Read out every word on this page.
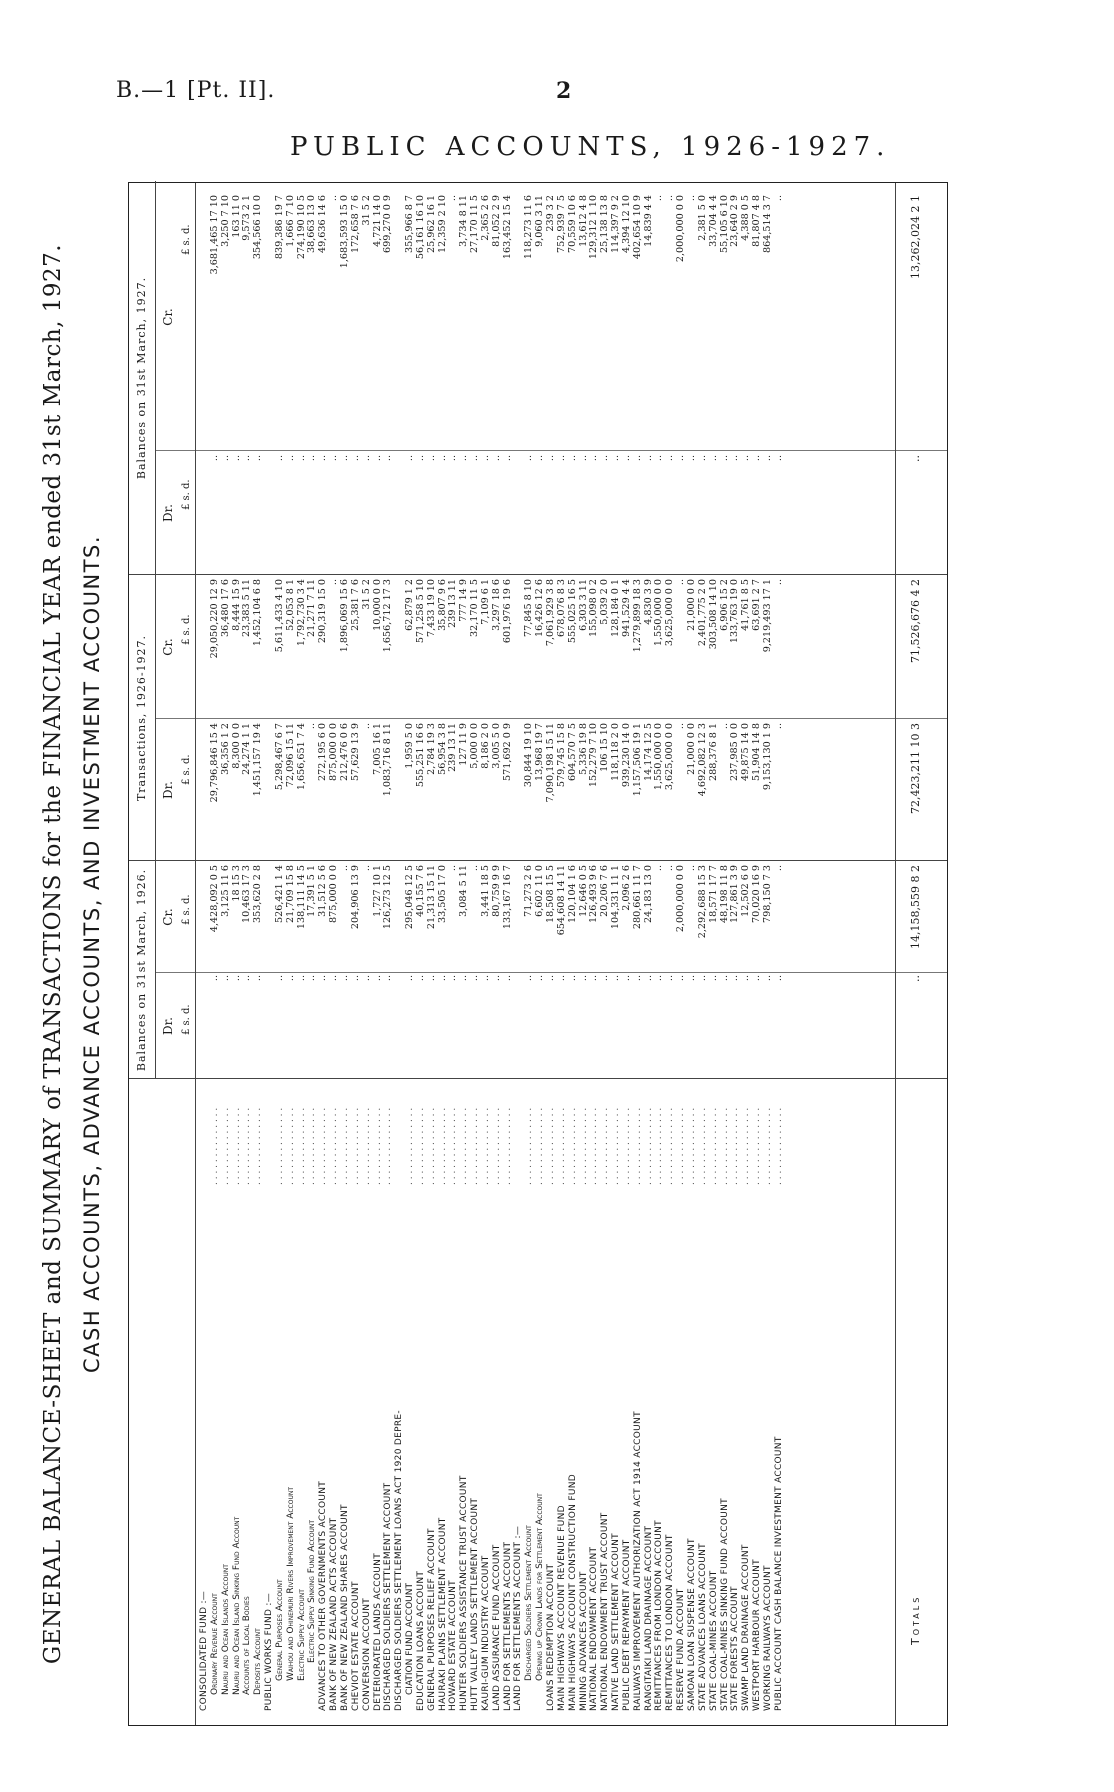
B.—1 [Pt. II].	2
PUBLIC ACCOUNTS, 1926-1927.
GENERAL BALANCE-SHEET and SUMMARY of TRANSACTIONS for the FINANCIAL YEAR ended 31st March, 1927. CASH ACCOUNTS, ADVANCE ACCOUNTS, AND INVESTMENT ACCOUNTS.	Balances on 31st March, 1926.
Transactions, 1926-1927.
Balances on 31st March, 1927.
Dr.
Cr.
Dr.
Cr.
Dr.
Cr.
£ s. d.
£ s. d.
£ s. d.
£ s. d.
£ s. d.
£ s. d.
CONSOLIDATED FUND :— Ordinary Revenue Account
. . . . . . . . . . . . . .
..
4,428,092 0 5
29,796,846 15 4
29,050,220 12 9
..
3,681,465 17 10
Nauru and Ocean Islands Account
. . . . . . . . . . . . . .
..
3,125 11 6
36,356 1 2
36,480 17 6
..
3,250 7 10
Nauru and Ocean Island Sinking Fund Account
. . . . . . . . . . . . . .
..
18 15 3
8,300 0 0
8,444 15 9
..
163 11 0
Accounts of Local Bodies
. . . . . . . . . . . . . .
..
10,463 17 3
24,274 1 1
23,383 5 11
..
9,573 2 1
Deposits Account
. . . . . . . . . . . . . .
..
353,620 2 8
1,451,157 19 4
1,452,104 6 8
..
354,566 10 0
PUBLIC WORKS FUND :— General Purposes Account
. . . . . . . . . . . . . .
..
526,421 1 4
5,298,467 6 7
5,611,433 4 10
..
839,386 19 7
Waihou and Ohinemuri Rivers Improvement Account
. . . . . . . . . . . . . .
..
21,709 15 8
72,096 15 11
52,053 8 1
..
1,666 7 10
Electric Supply Account
. . . . . . . . . . . . . .
..
138,111 14 5
1,656,651 7 4
1,792,730 3 4
..
274,190 10 5
Electric Supply Sinking Fund Account
. . . . . . . . . . . . . .
..
17,391 5 1
..
21,271 7 11
..
38,663 13 0
ADVANCES TO OTHER GOVERNMENTS ACCOUNT
. . . . . . . . . . . . . .
..
31,512 5 6
272,195 6 0
290,319 15 0
..
49,636 14 6
BANK OF NEW ZEALAND ACTS ACCOUNT
. . . . . . . . . . . . . .
..
875,000 0 0
875,000 0 0
..
..
..
BANK OF NEW ZEALAND SHARES ACCOUNT
. . . . . . . . . . . . . .
..
..
212,476 0 6
1,896,069 15 6
..
1,683,593 15 0
CHEVIOT ESTATE ACCOUNT
. . . . . . . . . . . . . .
..
204,906 13 9
57,629 13 9
25,381 7 6
..
172,658 7 6
CONVERSION ACCOUNT
. . . . . . . . . . . . . .
..
..
..
31 5 2
..
31 5 2
DETERIORATED LANDS ACCOUNT
. . . . . . . . . . . . . .
..
1,727 10 1
7,005 16 1
10,000 0 0
..
4,721 14 0
DISCHARGED SOLDIERS SETTLEMENT ACCOUNT
. . . . . . . . . . . . . .
..
126,273 12 5
1,083,716 8 11
1,656,712 17 3
..
699,270 0 9
DISCHARGED SOLDIERS SETTLEMENT LOANS ACT 1920 DEPRE- CIATION FUND ACCOUNT
. . . . . . . . . . . . . .
..
295,046 12 5
1,959 5 0
62,879 1 2
..
355,966 8 7
EDUCATION LOANS ACCOUNT
. . . . . . . . . . . . . .
..
40,155 7 6
555,251 16 6
571,258 5 10
..
56,161 16 10
GENERAL PURPOSES RELIEF ACCOUNT
. . . . . . . . . . . . . .
..
21,313 15 11
2,784 19 3
7,433 19 10
..
25,962 16 1
HAURAKI PLAINS SETTLEMENT ACCOUNT
. . . . . . . . . . . . . .
..
33,505 17 0
56,954 3 8
35,807 9 6
..
12,359 2 10
HOWARD ESTATE ACCOUNT
. . . . . . . . . . . . . .
..
..
239 13 11
239 13 11
..
..
HUNTER SOLDIERS ASSISTANCE TRUST ACCOUNT
. . . . . . . . . . . . . .
..
3,084 5 11
127 11 9
777 14 9
..
3,734 8 11
HUTT VALLEY LANDS SETTLEMENT ACCOUNT
. . . . . . . . . . . . . .
..
..
5,000 0 0
32,170 11 5
..
27,170 11 5
KAURI-GUM INDUSTRY ACCOUNT
. . . . . . . . . . . . . .
..
3,441 18 5
8,186 2 0
7,109 6 1
..
2,365 2 6
LAND ASSURANCE FUND ACCOUNT
. . . . . . . . . . . . . .
..
80,759 9 9
3,005 5 0
3,297 18 6
..
81,052 2 9
LAND FOR SETTLEMENTS ACCOUNT
. . . . . . . . . . . . . .
..
133,167 16 7
571,692 0 9
601,976 19 6
..
163,452 15 4
LAND FOR SETTLEMENTS ACCOUNT :— Discharged Soldiers Settlement Account
. . . . . . . . . . . . . .
..
71,273 2 6
30,844 19 10
77,845 8 10
..
118,273 11 6
Opening up Crown Lands for Settlement Account
. . . . . . . . . . . . . .
..
6,602 11 0
13,968 19 7
16,426 12 6
..
9,060 3 11
LOANS REDEMPTION ACCOUNT
. . . . . . . . . . . . . .
..
18,508 15 5
7,090,198 15 11
7,061,929 3 8
..
239 3 2
MAIN HIGHWAYS ACCOUNT REVENUE FUND
. . . . . . . . . . . . . .
..
654,608 14 11
579,745 15 8
678,076 8 3
..
752,939 7 5
MAIN HIGHWAYS ACCOUNT CONSTRUCTION FUND
. . . . . . . . . . . . . .
..
120,104 1 6
604,570 7 5
555,025 16 5
..
70,559 10 6
MINING ADVANCES ACCOUNT
. . . . . . . . . . . . . .
..
12,646 0 5
5,336 19 8
6,303 3 11
..
13,612 4 8
NATIONAL ENDOWMENT ACCOUNT
. . . . . . . . . . . . . .
..
126,493 9 6
152,279 7 10
155,098 0 2
..
129,312 1 10
NATIONAL ENDOWMENT TRUST ACCOUNT
. . . . . . . . . . . . . .
..
20,206 7 6
106 15 10
5,039 2 0
..
25,138 13 8
NATIVE LAND SETTLEMENT ACCOUNT
. . . . . . . . . . . . . .
..
104,331 11 1
118,118 2 0
128,184 0 1
..
114,397 9 2
PUBLIC DEBT REPAYMENT ACCOUNT
. . . . . . . . . . . . . .
..
2,096 2 6
939,230 14 0
941,529 4 4
..
4,394 12 10
RAILWAYS IMPROVEMENT AUTHORIZATION ACT 1914 ACCOUNT
. . . . . . . . . . . . . .
..
280,661 11 7
1,157,506 19 1
1,279,899 18 3
..
402,654 10 9
RANGITAIKI LAND DRAINAGE ACCOUNT
. . . . . . . . . . . . . .
..
24,183 13 0
14,174 12 5
4,830 3 9
..
14,839 4 4
REMITTANCES FROM LONDON ACCOUNT
. . . . . . . . . . . . . .
..
..
1,550,000 0 0
1,550,000 0 0
..
..
REMITTANCES TO LONDON ACCOUNT
. . . . . . . . . . . . . .
..
..
3,625,000 0 0
3,625,000 0 0
..
..
RESERVE FUND ACCOUNT
. . . . . . . . . . . . . .
..
2,000,000 0 0
..
..
..
2,000,000 0 0
SAMOAN LOAN SUSPENSE ACCOUNT
. . . . . . . . . . . . . .
..
..
21,000 0 0
21,000 0 0
..
..
STATE ADVANCES LOANS ACCOUNT
. . . . . . . . . . . . . .
..
2,292,688 15 3
4,692,082 12 3
2,401,775 2 0
..
2,381 5 0
STATE COAL-MINES ACCOUNT
. . . . . . . . . . . . . .
..
18,571 17 7
288,376 8 1
303,508 14 10
..
33,704 4 4
STATE COAL-MINES SINKING FUND ACCOUNT
. . . . . . . . . . . . . .
..
48,198 11 8
..
6,906 15 2
..
55,105 6 10
STATE FORESTS ACCOUNT
. . . . . . . . . . . . . .
..
127,861 3 9
237,985 0 0
133,763 19 0
..
23,640 2 9
SWAMP LAND DRAINAGE ACCOUNT
. . . . . . . . . . . . . .
..
12,502 6 0
49,875 14 0
41,761 8 5
..
4,388 0 5
WESTPORT HARBOUR ACCOUNT
. . . . . . . . . . . . . .
..
70,020 16 9
51,904 14 8
63,691 2 7
..
81,807 4 8
WORKING RAILWAYS ACCOUNT
. . . . . . . . . . . . . .
..
798,150 7 3
9,153,130 1 9
9,219,493 17 1
..
864,514 3 7
PUBLIC ACCOUNT CASH BALANCE INVESTMENT ACCOUNT
. . . . . . . . . . . . . .
..
..
..
..
..
..
Totals
..
14,158,559 8 2
72,423,211 10 3
71,526,676 4 2
..
13,262,024 2 1
